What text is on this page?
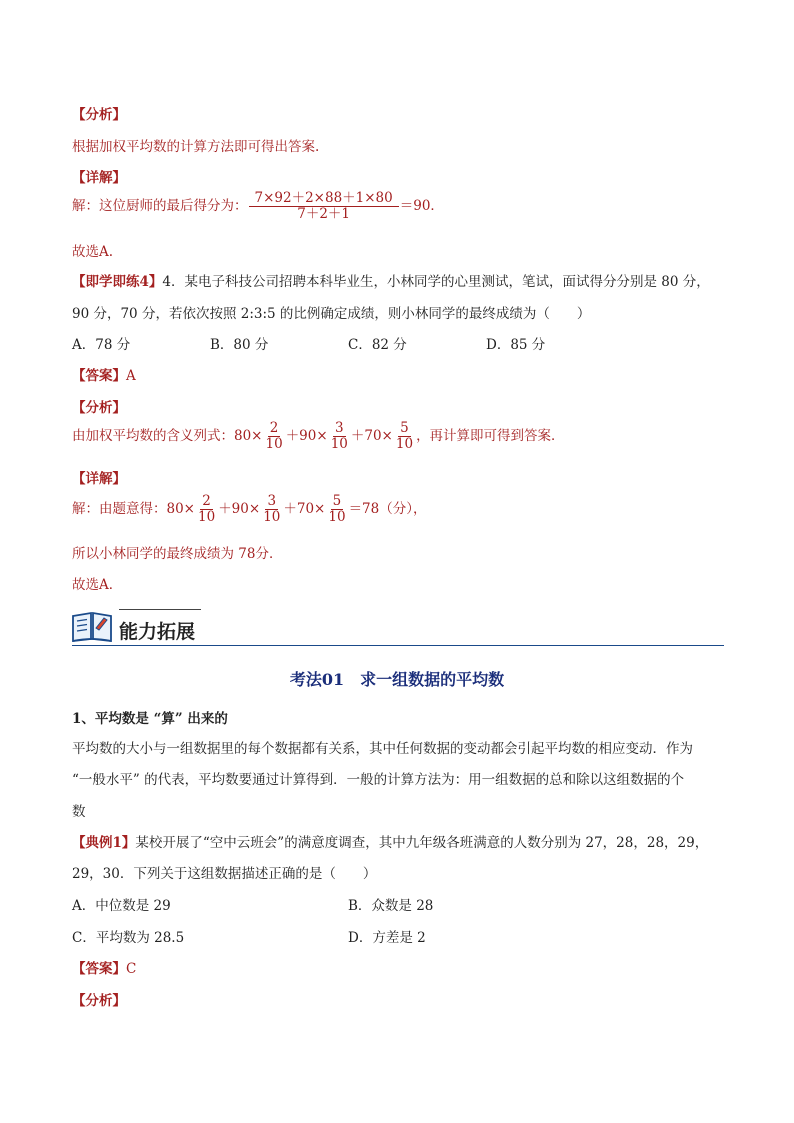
【分析】
根据加权平均数的计算方法即可得出答案.
【详解】
解：这位厨师的最后得分为： $\frac{7\times 92+2\times 88+1\times 80}{7+2+1} =90$．
故选A.
【即学即练4】4．某电子科技公司招聘本科毕业生，小林同学的心里测试，笔试，面试得分分别是 80 分，
90 分，70 分，若依次按照 2:3:5 的比例确定成绩，则小林同学的最终成绩为（　　）
A．78 分	B．80 分	C．82 分	D．85 分
【答案】A
【分析】
由加权平均数的含义列式：$80\times \frac{2}{10} +90\times \frac{3}{10} +70\times \frac{5}{10}$ ，再计算即可得到答案．
【详解】
解：由题意得：$80\times \frac{2}{10} +90\times \frac{3}{10} +70\times \frac{5}{10} =78$（分），
所以小林同学的最终成绩为 78分．
故选A．
能力拓展
考法01　求一组数据的平均数
1、平均数是 “算” 出来的
平均数的大小与一组数据里的每个数据都有关系，其中任何数据的变动都会引起平均数的相应变动．作为
“一般水平” 的代表，平均数要通过计算得到．一般的计算方法为：用一组数据的总和除以这组数据的个
数
【典例1】某校开展了“空中云班会”的满意度调查，其中九年级各班满意的人数分别为 27，28，28，29，
29，30．下列关于这组数据描述正确的是（　　）
A．中位数是 29	B．众数是 28
C．平均数为 28.5	D．方差是 2
【答案】C
【分析】
